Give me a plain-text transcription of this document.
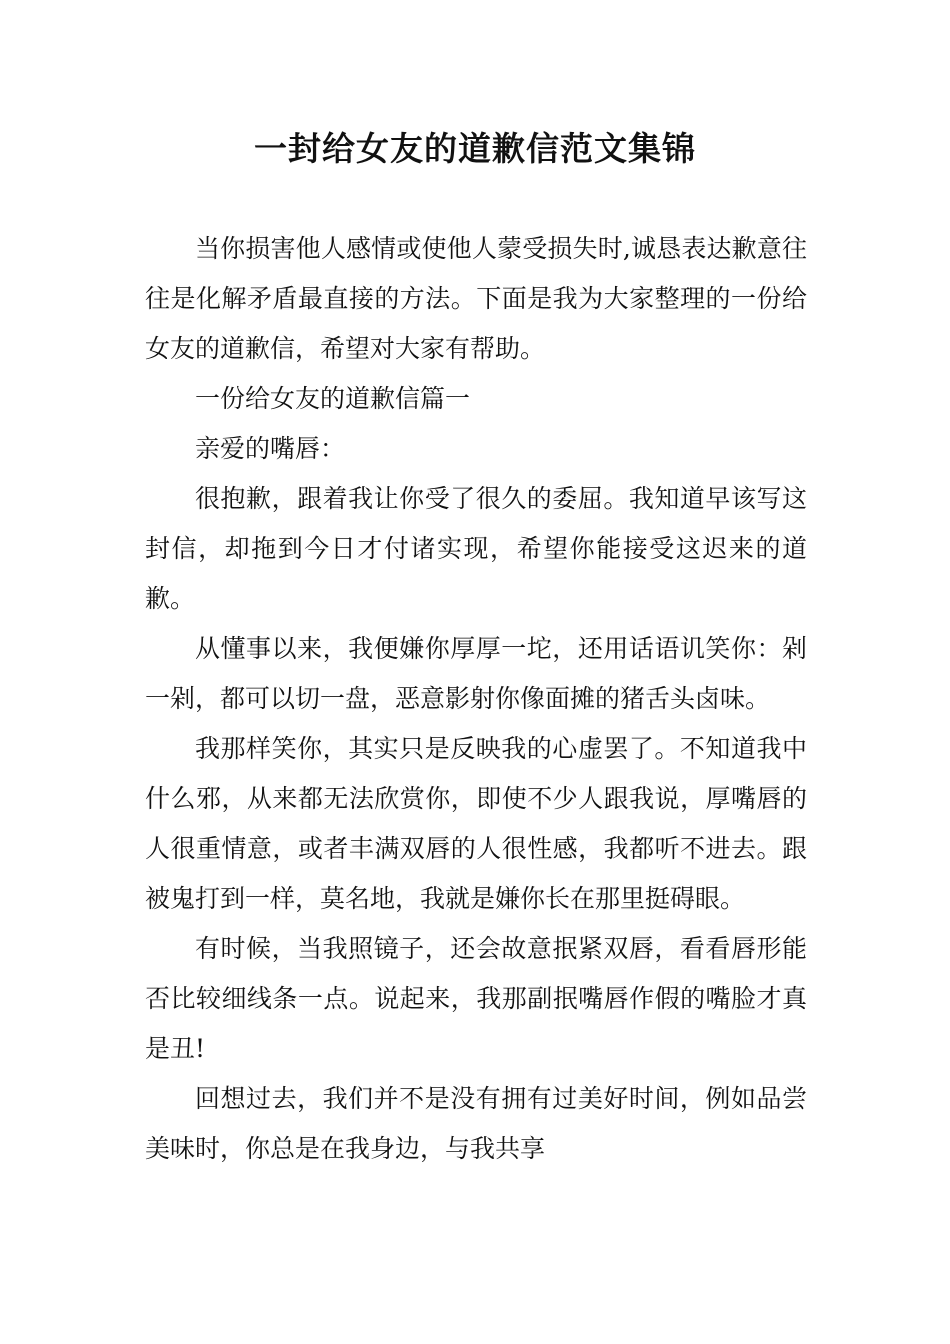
一封给女友的道歉信范文集锦

当你损害他人感情或使他人蒙受损失时,诚恳表达歉意往往是化解矛盾最直接的方法。下面是我为大家整理的一份给女友的道歉信，希望对大家有帮助。

一份给女友的道歉信篇一

亲爱的嘴唇：

很抱歉，跟着我让你受了很久的委屈。我知道早该写这封信，却拖到今日才付诸实现，希望你能接受这迟来的道歉。

从懂事以来，我便嫌你厚厚一坨，还用话语讥笑你：剁一剁，都可以切一盘，恶意影射你像面摊的猪舌头卤味。

我那样笑你，其实只是反映我的心虚罢了。不知道我中什么邪，从来都无法欣赏你，即使不少人跟我说，厚嘴唇的人很重情意，或者丰满双唇的人很性感，我都听不进去。跟被鬼打到一样，莫名地，我就是嫌你长在那里挺碍眼。

有时候，当我照镜子，还会故意抿紧双唇，看看唇形能否比较细线条一点。说起来，我那副抿嘴唇作假的嘴脸才真是丑!

回想过去，我们并不是没有拥有过美好时间，例如品尝美味时，你总是在我身边，与我共享
